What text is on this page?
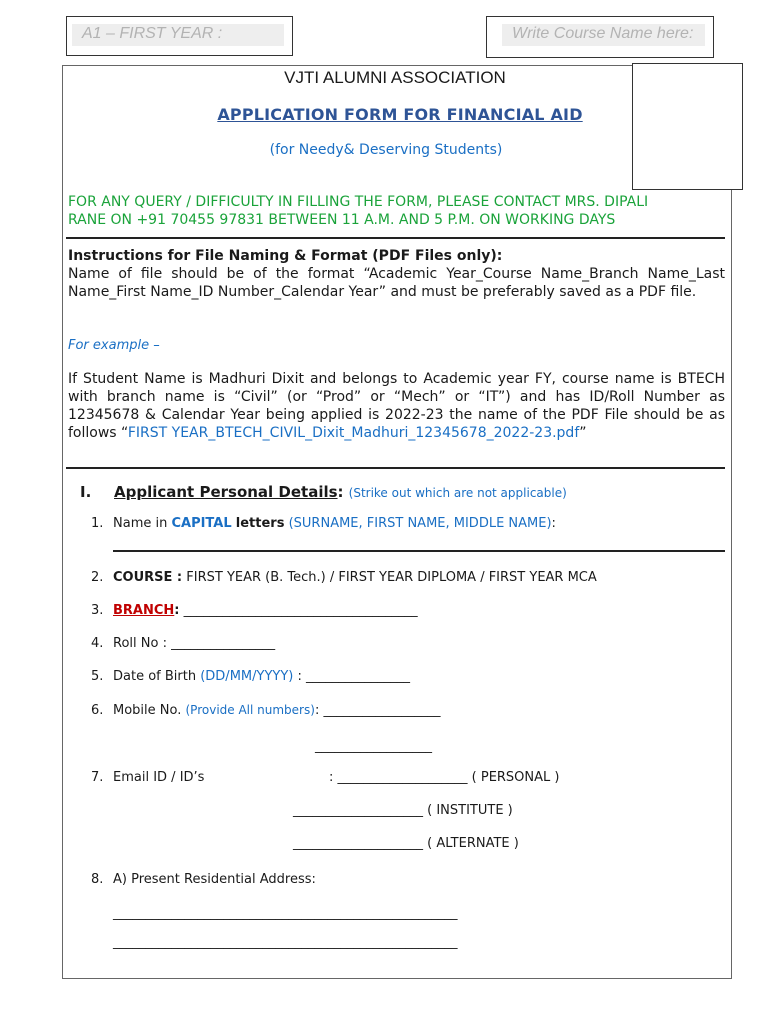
A1 – FIRST YEAR :	Write Course Name here:
VJTI ALUMNI ASSOCIATION
APPLICATION FORM FOR FINANCIAL AID
(for Needy& Deserving Students)
FOR ANY QUERY / DIFFICULTY IN FILLING THE FORM, PLEASE CONTACT MRS. DIPALI
RANE ON +91 70455 97831 BETWEEN 11 A.M. AND 5 P.M. ON WORKING DAYS
Instructions for File Naming & Format (PDF Files only):
Name of file should be of the format “Academic Year_Course Name_Branch Name_Last Name_First Name_ID Number_Calendar Year” and must be preferably saved as a PDF file.
For example –
If Student Name is Madhuri Dixit and belongs to Academic year FY, course name is BTECH with branch name is “Civil” (or “Prod” or “Mech” or “IT”) and has ID/Roll Number as 12345678 & Calendar Year being applied is 2022-23 the name of the PDF File should be as follows “FIRST YEAR_BTECH_CIVIL_Dixit_Madhuri_12345678_2022-23.pdf”
I. Applicant Personal Details: (Strike out which are not applicable)
1. Name in CAPITAL letters (SURNAME, FIRST NAME, MIDDLE NAME):
2. COURSE : FIRST YEAR (B. Tech.) / FIRST YEAR DIPLOMA / FIRST YEAR MCA
3. BRANCH: ____________________________________
4. Roll No : ________________
5. Date of Birth (DD/MM/YYYY) : ________________
6. Mobile No. (Provide All numbers): __________________
__________________
7. Email ID / ID’s	: ____________________ ( PERSONAL )
____________________ ( INSTITUTE )
____________________ ( ALTERNATE )
8. A) Present Residential Address:
_____________________________________________________
_____________________________________________________
